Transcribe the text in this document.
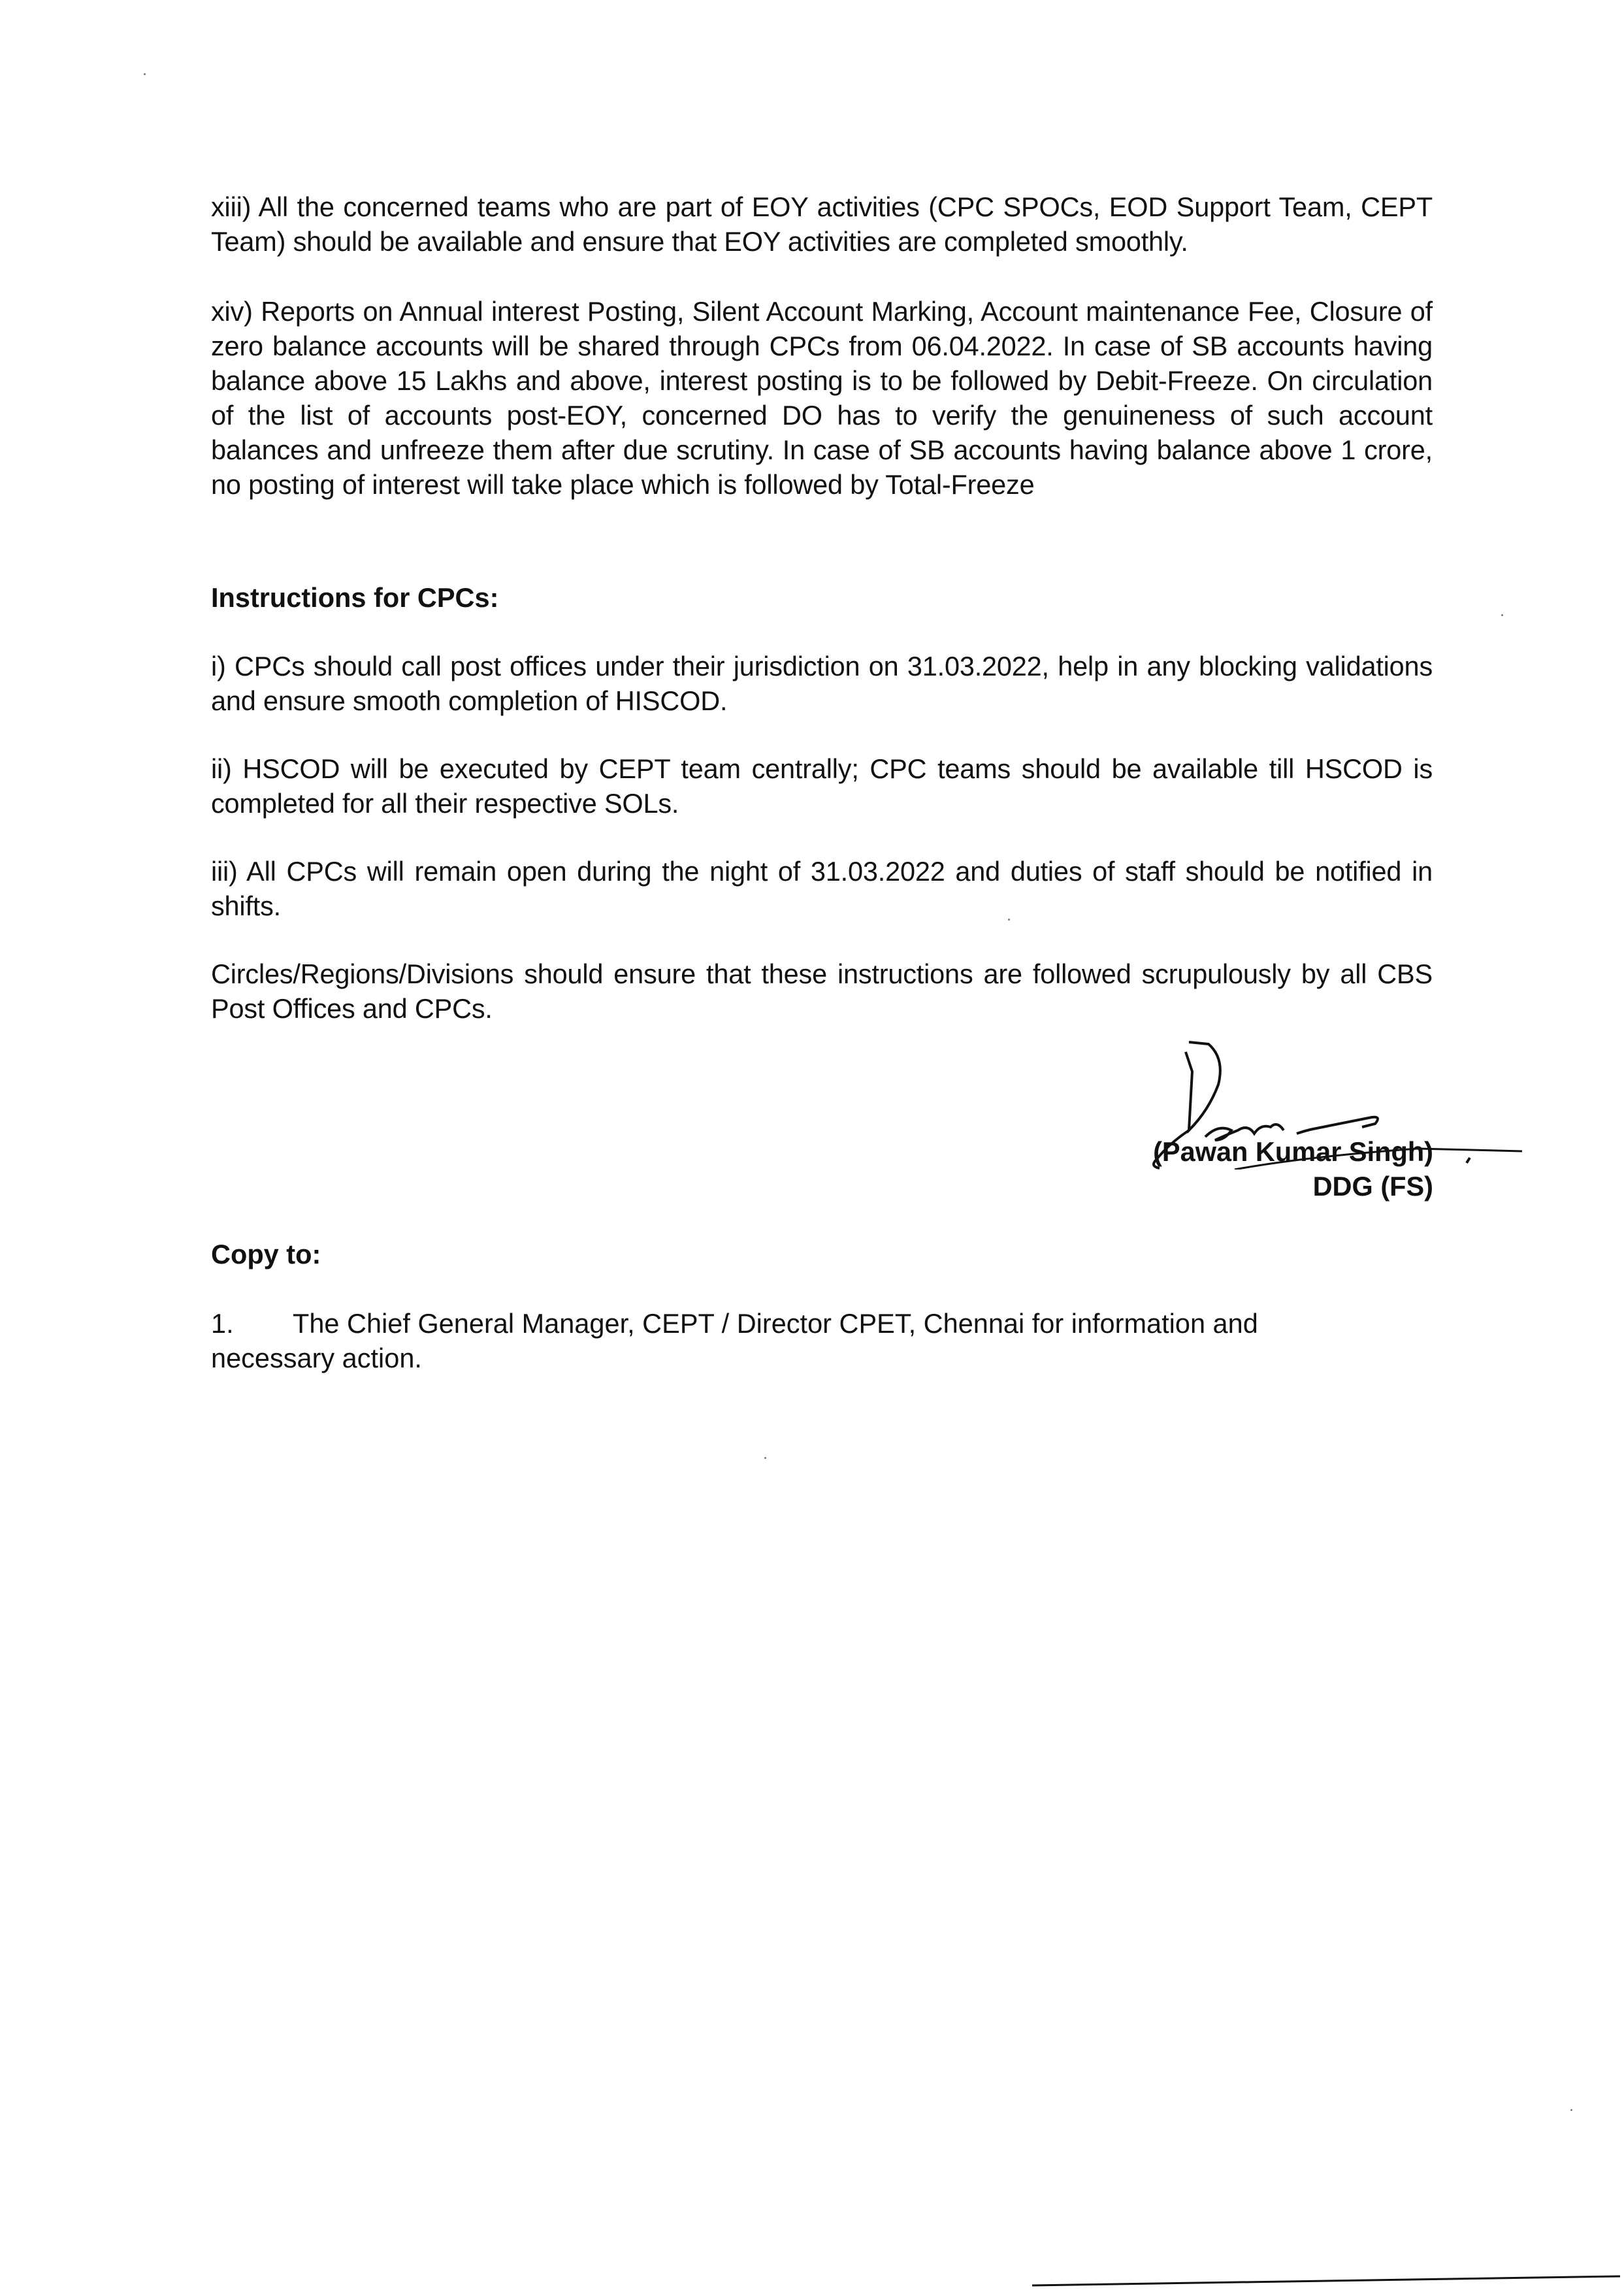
xiii) All the concerned teams who are part of EOY activities (CPC SPOCs, EOD Support Team, CEPT Team) should be available and ensure that EOY activities are completed smoothly.

xiv) Reports on Annual interest Posting, Silent Account Marking, Account maintenance Fee, Closure of zero balance accounts will be shared through CPCs from 06.04.2022. In case of SB accounts having balance above 15 Lakhs and above, interest posting is to be followed by Debit-Freeze. On circulation of the list of accounts post-EOY, concerned DO has to verify the genuineness of such account balances and unfreeze them after due scrutiny. In case of SB accounts having balance above 1 crore, no posting of interest will take place which is followed by Total-Freeze

Instructions for CPCs:

i) CPCs should call post offices under their jurisdiction on 31.03.2022, help in any blocking validations and ensure smooth completion of HISCOD.

ii) HSCOD will be executed by CEPT team centrally; CPC teams should be available till HSCOD is completed for all their respective SOLs.

iii) All CPCs will remain open during the night of 31.03.2022 and duties of staff should be notified in shifts.

Circles/Regions/Divisions should ensure that these instructions are followed scrupulously by all CBS Post Offices and CPCs.

(Pawan Kumar Singh)
DDG (FS)
Copy to:
1. The Chief General Manager, CEPT / Director CPET, Chennai for information and necessary action.
